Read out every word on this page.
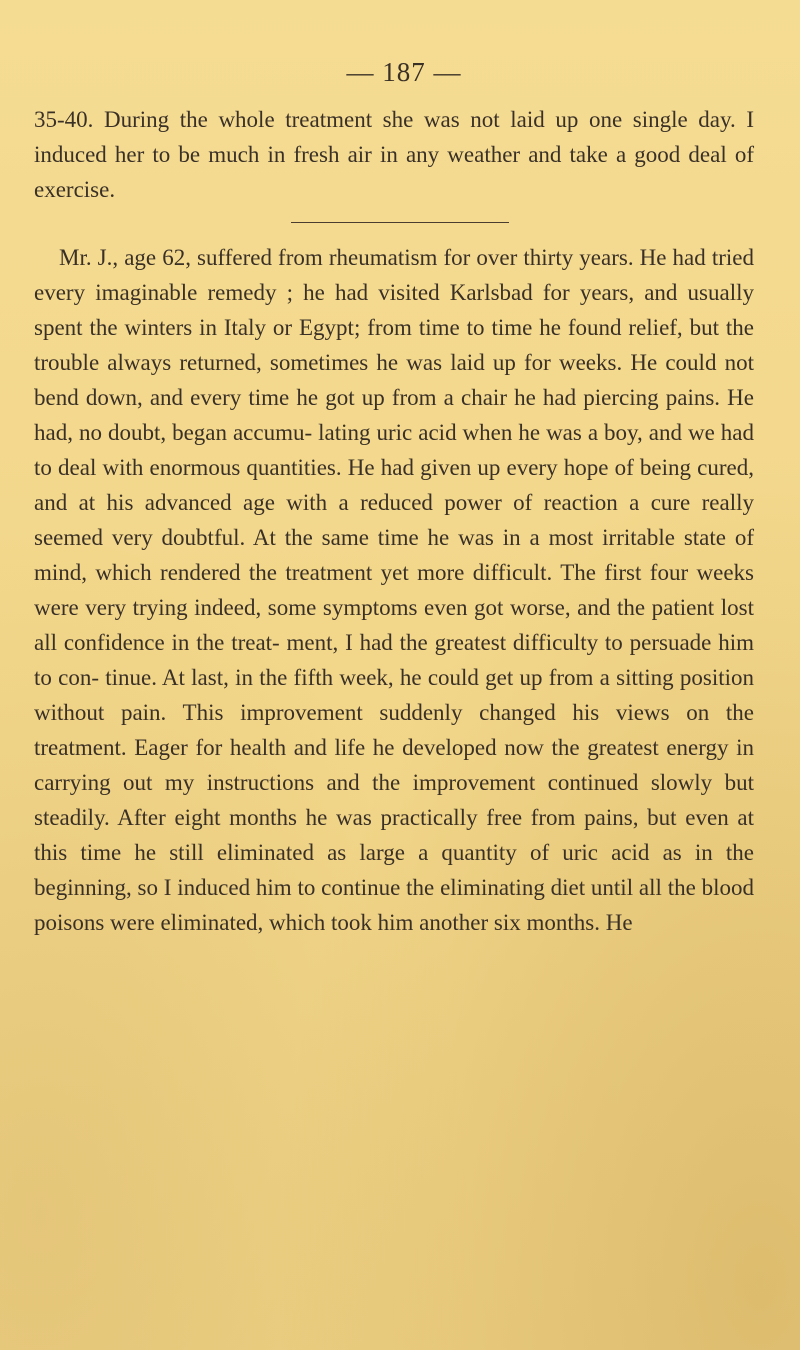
— 187 —

35-40. During the whole treatment she was not laid up one single day. I induced her to be much in fresh air in any weather and take a good deal of exercise.

Mr. J., age 62, suffered from rheumatism for over thirty years. He had tried every imaginable remedy ; he had visited Karlsbad for years, and usually spent the winters in Italy or Egypt; from time to time he found relief, but the trouble always returned, sometimes he was laid up for weeks. He could not bend down, and every time he got up from a chair he had piercing pains. He had, no doubt, began accumu- lating uric acid when he was a boy, and we had to deal with enormous quantities. He had given up every hope of being cured, and at his advanced age with a reduced power of reaction a cure really seemed very doubtful. At the same time he was in a most irritable state of mind, which rendered the treatment yet more difficult. The first four weeks were very trying indeed, some symptoms even got worse, and the patient lost all confidence in the treat- ment, I had the greatest difficulty to persuade him to con- tinue. At last, in the fifth week, he could get up from a sitting position without pain. This improvement suddenly changed his views on the treatment. Eager for health and life he developed now the greatest energy in carrying out my instructions and the improvement continued slowly but steadily. After eight months he was practically free from pains, but even at this time he still eliminated as large a quantity of uric acid as in the beginning, so I induced him to continue the eliminating diet until all the blood poisons were eliminated, which took him another six months. He
